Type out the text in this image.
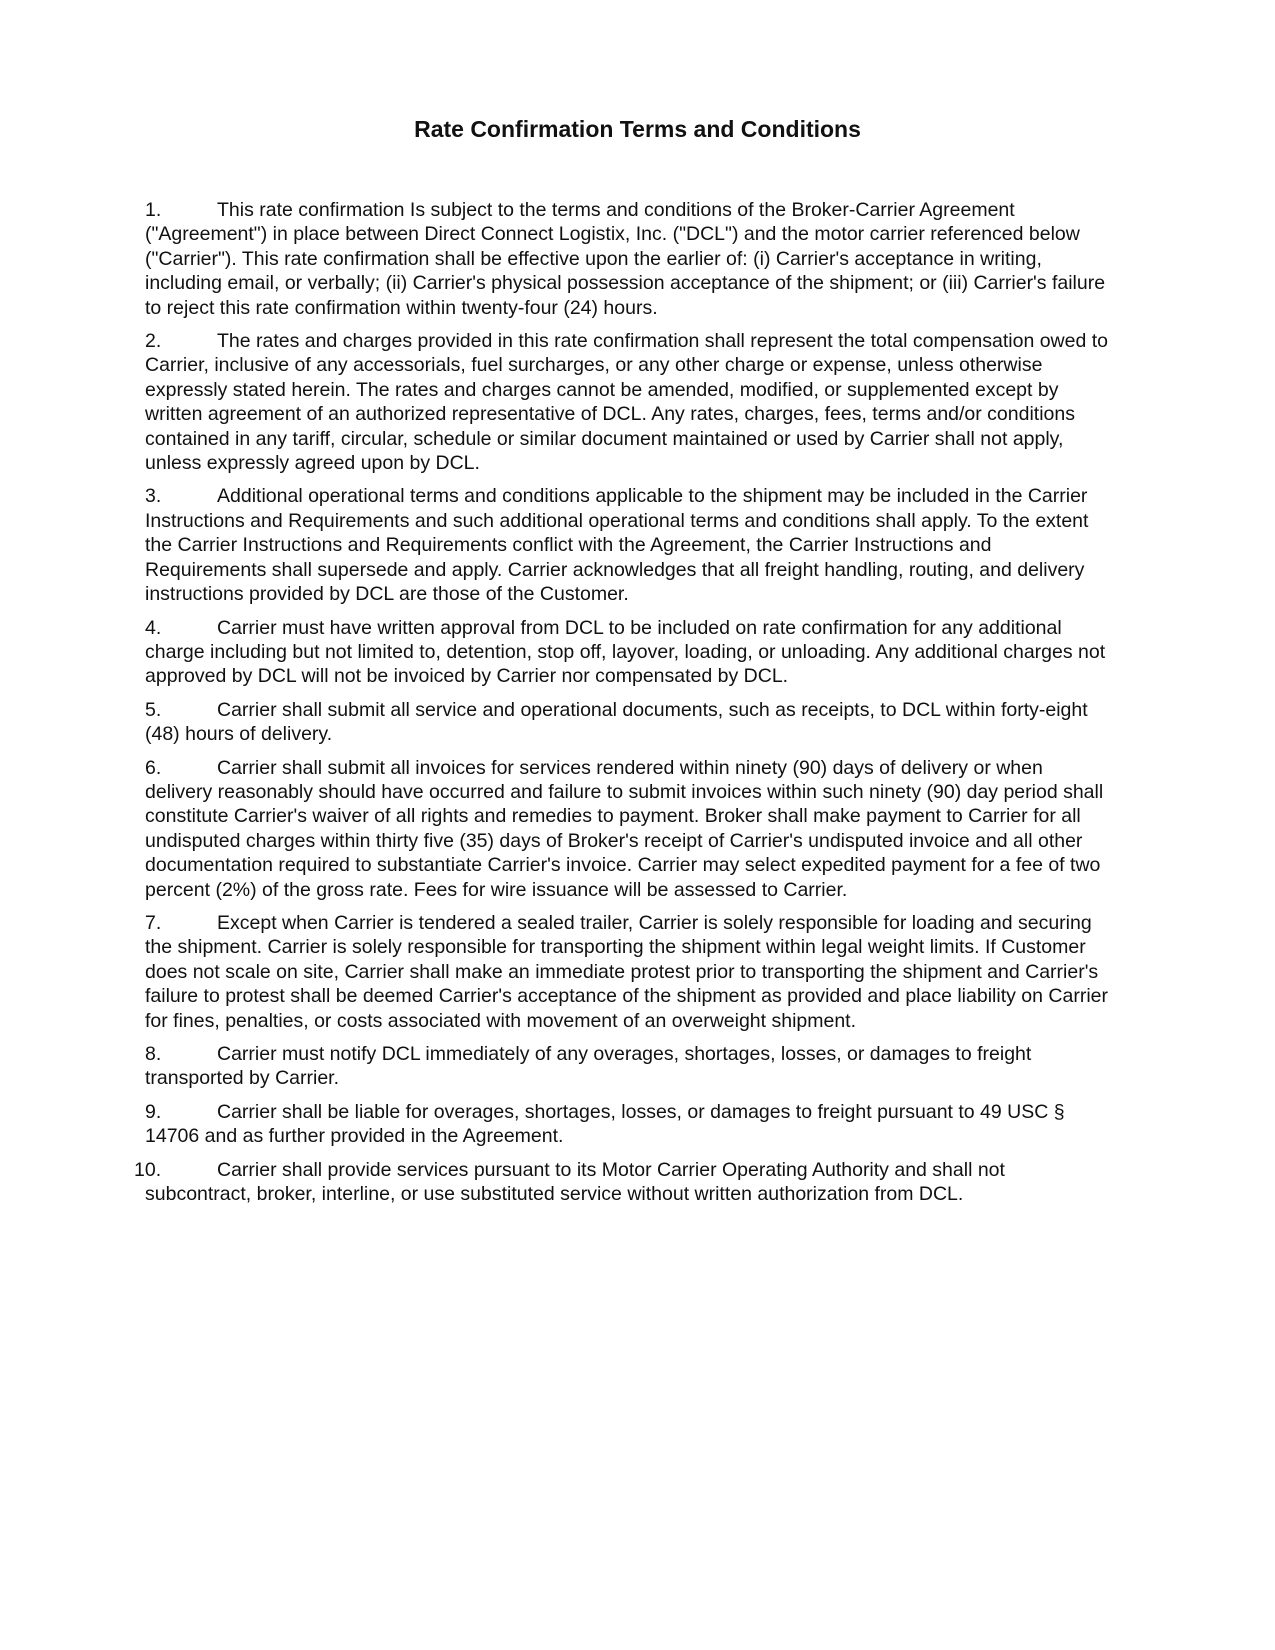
Rate Confirmation Terms and Conditions
1.	This rate confirmation Is subject to the terms and conditions of the Broker-Carrier Agreement ("Agreement") in place between Direct Connect Logistix, Inc. ("DCL") and the motor carrier referenced below ("Carrier"). This rate confirmation shall be effective upon the earlier of: (i) Carrier's acceptance in writing, including email, or verbally; (ii) Carrier's physical possession acceptance of the shipment; or (iii) Carrier's failure to reject this rate confirmation within twenty-four (24) hours.
2.	The rates and charges provided in this rate confirmation shall represent the total compensation owed to Carrier, inclusive of any accessorials, fuel surcharges, or any other charge or expense, unless otherwise expressly stated herein. The rates and charges cannot be amended, modified, or supplemented except by written agreement of an authorized representative of DCL. Any rates, charges, fees, terms and/or conditions contained in any tariff, circular, schedule or similar document maintained or used by Carrier shall not apply, unless expressly agreed upon by DCL.
3.	Additional operational terms and conditions applicable to the shipment may be included in the Carrier Instructions and Requirements and such additional operational terms and conditions shall apply. To the extent the Carrier Instructions and Requirements conflict with the Agreement, the Carrier Instructions and Requirements shall supersede and apply. Carrier acknowledges that all freight handling, routing, and delivery instructions provided by DCL are those of the Customer.
4.	Carrier must have written approval from DCL to be included on rate confirmation for any additional charge including but not limited to, detention, stop off, layover, loading, or unloading. Any additional charges not approved by DCL will not be invoiced by Carrier nor compensated by DCL.
5.	Carrier shall submit all service and operational documents, such as receipts, to DCL within forty-eight (48) hours of delivery.
6.	Carrier shall submit all invoices for services rendered within ninety (90) days of delivery or when delivery reasonably should have occurred and failure to submit invoices within such ninety (90) day period shall constitute Carrier's waiver of all rights and remedies to payment. Broker shall make payment to Carrier for all undisputed charges within thirty five (35) days of Broker's receipt of Carrier's undisputed invoice and all other documentation required to substantiate Carrier's invoice. Carrier may select expedited payment for a fee of two percent (2%) of the gross rate. Fees for wire issuance will be assessed to Carrier.
7.	Except when Carrier is tendered a sealed trailer, Carrier is solely responsible for loading and securing the shipment. Carrier is solely responsible for transporting the shipment within legal weight limits. If Customer does not scale on site, Carrier shall make an immediate protest prior to transporting the shipment and Carrier's failure to protest shall be deemed Carrier's acceptance of the shipment as provided and place liability on Carrier for fines, penalties, or costs associated with movement of an overweight shipment.
8.	Carrier must notify DCL immediately of any overages, shortages, losses, or damages to freight transported by Carrier.
9.	Carrier shall be liable for overages, shortages, losses, or damages to freight pursuant to 49 USC § 14706 and as further provided in the Agreement.
10.	Carrier shall provide services pursuant to its Motor Carrier Operating Authority and shall not subcontract, broker, interline, or use substituted service without written authorization from DCL.
